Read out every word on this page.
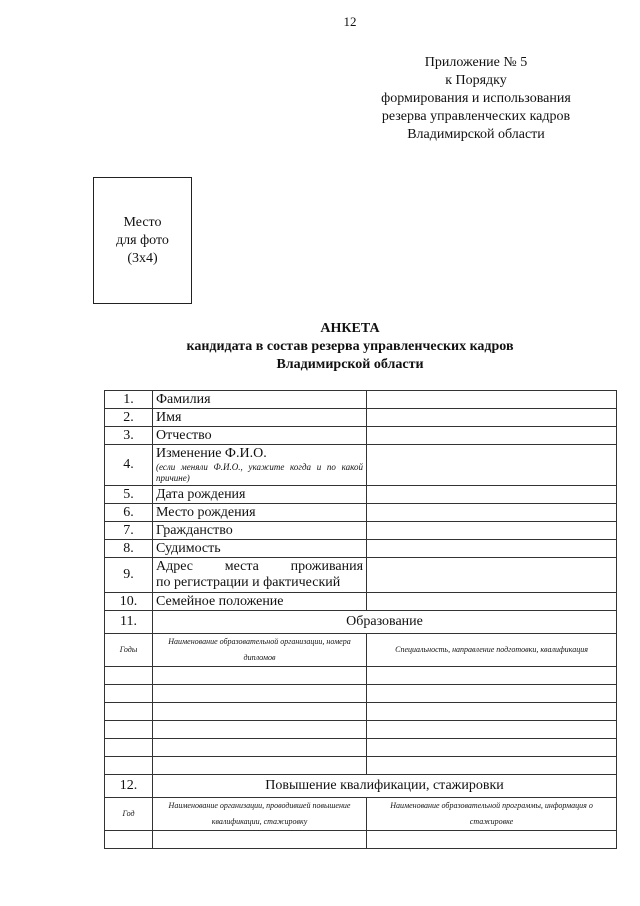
12
Приложение № 5
к Порядку
формирования и использования
резерва управленческих кадров
Владимирской области
Место
для фото
(3х4)
АНКЕТА
кандидата в состав резерва управленческих кадров
Владимирской области
1.	Фамилия	
2.	Имя	
3.	Отчество	
4.	Изменение Ф.И.О.
(если меняли Ф.И.О., укажите когда и по какой причине)	

5.	Дата рождения	
6.	Место рождения	
7.	Гражданство	
8.	Судимость	
9.	Адрес места проживания
по регистрации и фактический	

10.	Семейное положение	
11.	Образование	
Годы	Наименование образовательной организации, номера дипломов	Специальность, направление подготовки, квалификация

12.	Повышение квалификации, стажировки	
Год	Наименование организации, проводившей повышение квалификации, стажировку	Наименование образовательной программы, информация о стажировке
